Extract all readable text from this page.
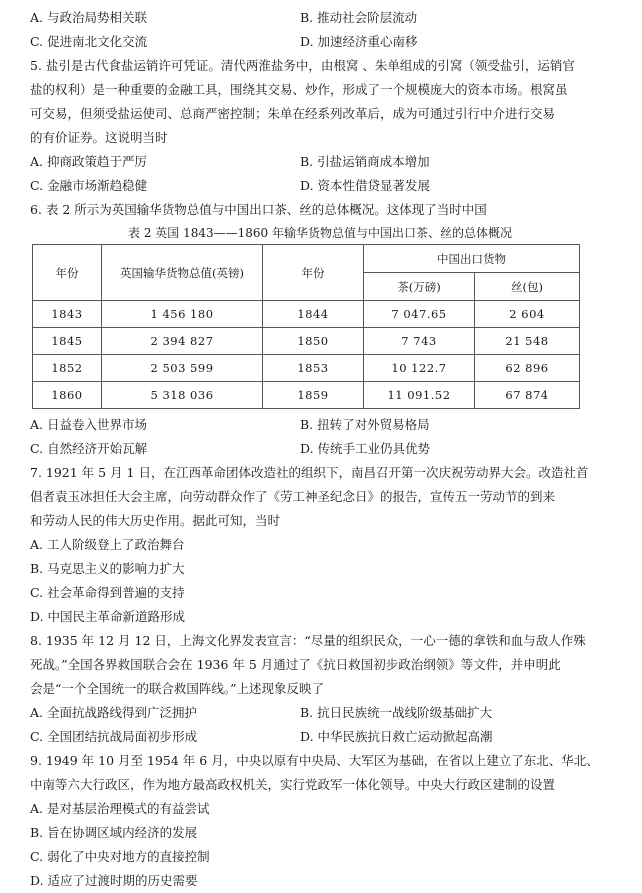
A. 与政治局势相关联	B. 推动社会阶层流动
C. 促进南北文化交流	D. 加速经济重心南移
5. 盐引是古代食盐运销许可凭证。清代两淮盐务中，由根窝 、朱单组成的引窝（领受盐引，运销官
盐的权利）是一种重要的金融工具，围绕其交易、炒作，形成了一个规模庞大的资本市场。根窝虽
可交易，但须受盐运使司、总商严密控制；朱单在经系列改革后，成为可通过引行中介进行交易
的有价证券。这说明当时
A. 抑商政策趋于严厉	B. 引盐运销商成本增加
C. 金融市场渐趋稳健	D. 资本性借贷显著发展
6. 表 2 所示为英国输华货物总值与中国出口茶、丝的总体概况。这体现了当时中国
表 2 英国 1843——1860 年输华货物总值与中国出口茶、丝的总体概况
年份	英国输华货物总值(英镑)	年份	中国出口货物	
			茶(万磅)	丝(包)
1843	1 456 180	1844	7 047.65	2 604
1845	2 394 827	1850	7 743	21 548
1852	2 503 599	1853	10 122.7	62 896
1860	5 318 036	1859	11 091.52	67 874
A. 日益卷入世界市场	B. 扭转了对外贸易格局
C. 自然经济开始瓦解	D. 传统手工业仍具优势
7. 1921 年 5 月 1 日，在江西革命团体改造社的组织下，南昌召开第一次庆祝劳动界大会。改造社首
倡者袁玉冰担任大会主席，向劳动群众作了《劳工神圣纪念日》的报告，宣传五一劳动节的到来
和劳动人民的伟大历史作用。据此可知，当时
A. 工人阶级登上了政治舞台
B. 马克思主义的影响力扩大
C. 社会革命得到普遍的支持
D. 中国民主革命新道路形成
8. 1935 年 12 月 12 日，上海文化界发表宣言：“尽量的组织民众，一心一德的拿铁和血与敌人作殊
死战。”全国各界救国联合会在 1936 年 5 月通过了《抗日救国初步政治纲领》等文件，并申明此
会是“一个全国统一的联合救国阵线。”上述现象反映了
A. 全面抗战路线得到广泛拥护	B. 抗日民族统一战线阶级基础扩大
C. 全国团结抗战局面初步形成	D. 中华民族抗日救亡运动掀起高潮
9. 1949 年 10 月至 1954 年 6 月，中央以原有中央局、大军区为基础，在省以上建立了东北、华北、
中南等六大行政区，作为地方最高政权机关，实行党政军一体化领导。中央大行政区建制的设置
A. 是对基层治理模式的有益尝试
B. 旨在协调区域内经济的发展
C. 弱化了中央对地方的直接控制
D. 适应了过渡时期的历史需要
